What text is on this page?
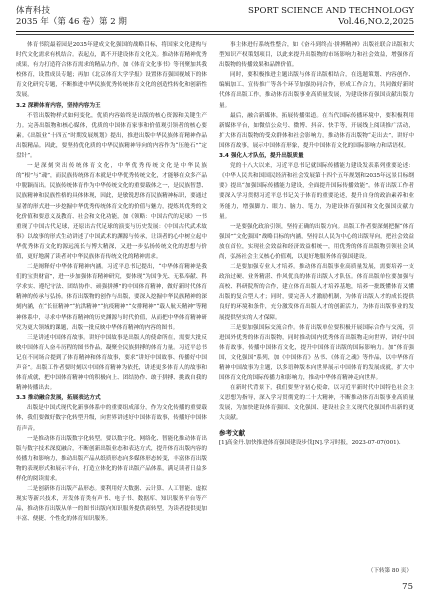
体育科技
2035 年（第 46 卷）第 2 期
SPORT SCIENCE AND TECHNOLOGY
Vol.46,NO.2,2025

体育书院最着园是2035年建成文化强国的战略目标，将国家文化建构与时代文化需求有机结合。表起点，离不开建设体育文化关。推动体育精神优秀成果，有力打造符合体育需求的精品力作，加《体育文化事书》等刊聚加其我校体育，设置成员专题；再加《北京体育大学学报》设置体育强国视域下的体育文化研究专题，不断推进中华民族优秀传统体育文化的创造性转化和创新性发展。

3.2 深耕体育内容，坚持内容为王

不管出版物样式如何变化，优质内容始终是出版的核心资源和关键生产力。完善出版物和核心媒体，优质的中国体育家事和价值观引领者的核心要素。《出版业“十四五”时期发展规划》提出，推进出版中华民族体育精神作品出版精品。因此，要坚持优化质的中华民族精神导向的内容作为“压舱石”“定盘针”。

一是深刻突出传统体育文化，中华优秀传统文化是中华民族的“根”与“魂”，而民族传统体育本就是中华优秀传统文化，才能够在众多产品中脱颖而出。民族传统体育作为中华传统文化的重要载体之一，是民族智慧、民族精神和民族性格的具体体现，因此，是敏锐思体育民族精神标识，要通过显著的形式进一步挖掘中华优秀传统体育文化的价值与魅力，提炼其优秀的文化价值和要意义及教育、社会和文化功能，加《领略：中国古代的足球》一书重现了中国古代足球，还原出古代足球的演变与历史发展：《中国古代武术故事》以故事的形式生动讲述了中国武术的渊源与传承，让读者的心中树立起中华优秀体育文化的源远流长与博大精深，又进一步弘扬传统文化的思想与价值，更好地满了读者对中华民族体育传统文化的精神需求。

二是阐释好中华体育精神内涵。习近平总书记提出，“中华体育精神是我们的宝贵财富”，进一步加强体育精神研究，要体现“为国争光、无私奉献、科学求实、遵纪守法、团结协作、顽强拼搏”的中国体育精神，做好新时代体育精神的传承与弘扬。体育出版物的创作与出版，要深入挖掘中华民族精神的深刻内涵，在“长征精神”“抗洪精神”“抗疫精神”“女排精神”“载人航天精神”等精神体系中，寻求中华体育精神的历史渊源与时代价值，从而把中华体育精神研究为更大领域的课题，出版一批反映中华体育精神的内容的图书。

三是讲述中国体育故事。讲好中国故事是出版人的使命所在，需要大批反映中国体育人奋斗历程的图书作品，凝聚全民族拼搏的体育力量。习近平总书记在不同场合提到了体育精神和体育故事，要求“讲好中国故事、传播好中国声音”。出版工作者要时刻以中国体育精神为依托，讲述更多体育人的故事和体育成就，把中国体育精神中的积极向上、团结协作、敢于拼搏、挑战自我的精神传播出去。

3.3 推动融合发展，拓展表达方式

出版是中国式现代化新事体系中的重要组成部分，作为文化传播的重要载体，我们要做好数字化转型升级，向世界讲述好中国体育故事，传播好中国体育声音。

一是推动体育出版数字化转型。要以数字化、网络化、智能化推动体育出版与数字技术深度融合，不断创新出版业态和表达方式，提升体育出版内容的传播力和影响力，推动出版产品从纸质形态向多媒体形态转变，丰富体育出版物的表现形式和展示平台，打造立体化的体育出版产品体系，满足读者日益多样化的阅读需求。

二是创新体育出版产品形态。要利用好大数据、云计算、人工智能、虚拟现实等新兴技术，开发体育类有声书、电子书、数据库、知识服务平台等产品，推动体育出版从单一的图书出版向知识服务提供商转型，为读者提供更加丰富、便捷、个性化的体育知识服务。

事主体进行系统性整合，如《奋斗到终点·拼搏精神》出版社联合出版和大型知识产权策划项目，以此来提升出版物的市场影响力和社会效益，增强体育出版物的传播效果和品牌价值。

同时，要积极推进主题出版与体育出版相结合，在选题策划、内容创作、编辑加工、宣传推广等各个环节加强协同合作，形成工作合力，共同做好新时代体育出版工作，推动体育出版事业高质量发展，为建设体育强国贡献出版力量。

最后，融合新媒体，拓展传播渠道。在当代国际传播环境中，要积极利用新媒体平台，如微信公众号、微博、抖音、快手等，开展线上阅读推广活动，扩大体育出版物的受众群体和社会影响力，推动体育出版物“走出去”，讲好中国体育故事，展示中国体育形象，提升中国体育文化的国际影响力和话语权。

3.4 强化人才队伍，提升出版质量

党的十八大以来，习近平总书记就国际传播能力建设发表系列重要论述：《中华人民共和国国民经济和社会发展第十四个五年规划和2035年远景目标纲要》提出“加强国际传播能力建设，全面提升国际传播效能”。体育出版工作者要深入学习贯彻习近平总书记关于体育的重要论述，提升自身的政治素养和业务能力，增强脚力、眼力、脑力、笔力，为建设体育强国和文化强国贡献力量。

一是要强化政治引领，坚持正确的出版方向。出版工作者要深刻把握“体育强国”“文化强国”战略目标的内涵，坚持以人民为中心的出版导向，把社会效益放在首位，实现社会效益和经济效益相统一，用优秀的体育出版物引领社会风尚，弘扬社会主义核心价值观，以更好地服务体育强国建设。

二是要加强专业人才培养。推动体育出版事业高质量发展，需要培养一支政治过硬、业务精湛、作风优良的体育出版人才队伍。体育出版单位要加强与高校、科研院所的合作，建立体育出版人才培养基地，培养一批既懂体育又懂出版的复合型人才；同时，要完善人才激励机制，为体育出版人才的成长提供良好的环境和条件，充分激发体育出版人才的创新活力，为体育出版事业的发展提供坚实的人才保障。

三是要加强国际交流合作。体育出版单位要积极开展国际合作与交流，引进国外优秀的体育出版物，同时推动国内优秀体育出版物走向世界，讲好中国体育故事，传播中国体育文化，提升中国体育出版的国际影响力。加“体育强国，文化强国”系列，加《中国体育》丛书、《体育之魂》等作品，以中华体育精神中国故事为主题，以多语种版本向世界展示中国体育的发展成就，扩大中国体育文化的国际传播力和影响力，推动中华体育精神走向世界。

在新时代背景下，我们要坚守初心使命，以习近平新时代中国特色社会主义思想为指导，深入学习贯彻党的二十大精神，不断推动体育出版事业高质量发展，为加快建设体育强国、文化强国、建设社会主义现代化强国作出新的更大贡献。

参考文献

[1]高金丹.加快推进体育强国建设步伐[N].学习时报，2023-07-07(001).

（下转第 80 页）
75
